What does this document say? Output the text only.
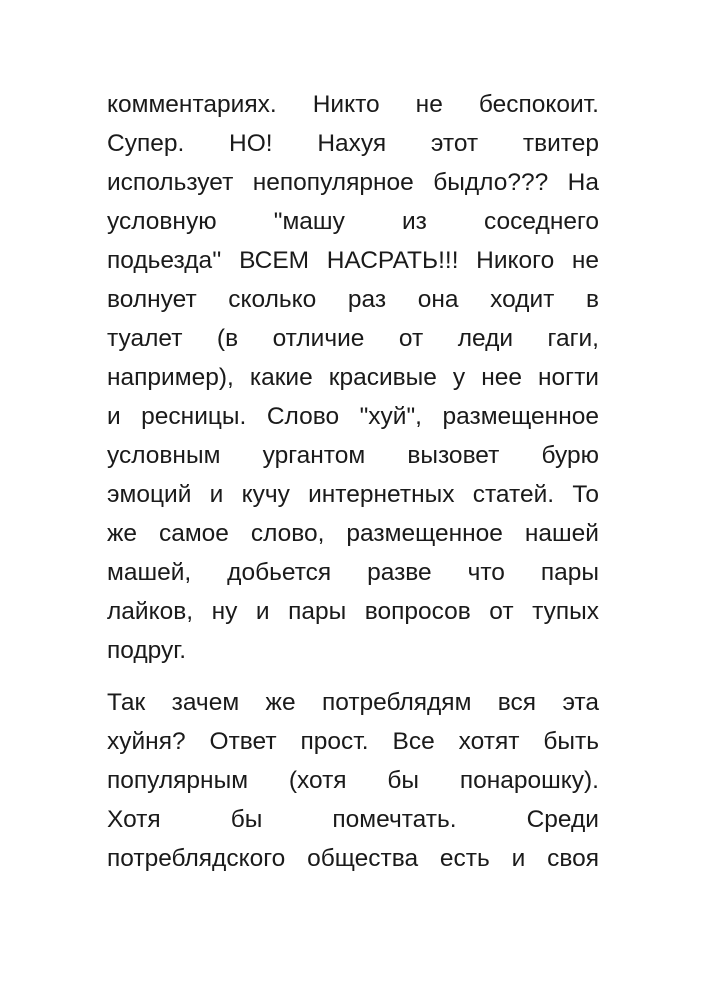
комментариях. Никто не беспокоит.
Супер. НО! Нахуя этот твитер
использует непопулярное быдло??? На
условную "машу из соседнего
подьезда'' ВСЕМ НАСРАТЬ!!! Никого не
волнует сколько раз она ходит в
туалет (в отличие от леди гаги,
например), какие красивые у нее ногти
и ресницы. Слово "хуй", размещенное
условным ургантом вызовет бурю
эмоций и кучу интернетных статей. То
же самое слово, размещенное нашей
машей, добьется разве что пары
лайков, ну и пары вопросов от тупых
подруг.
Так зачем же потреблядям вся эта
хуйня? Ответ прост. Все хотят быть
популярным (хотя бы понарошку).
Хотя бы помечтать. Среди
потреблядского общества есть и своя
